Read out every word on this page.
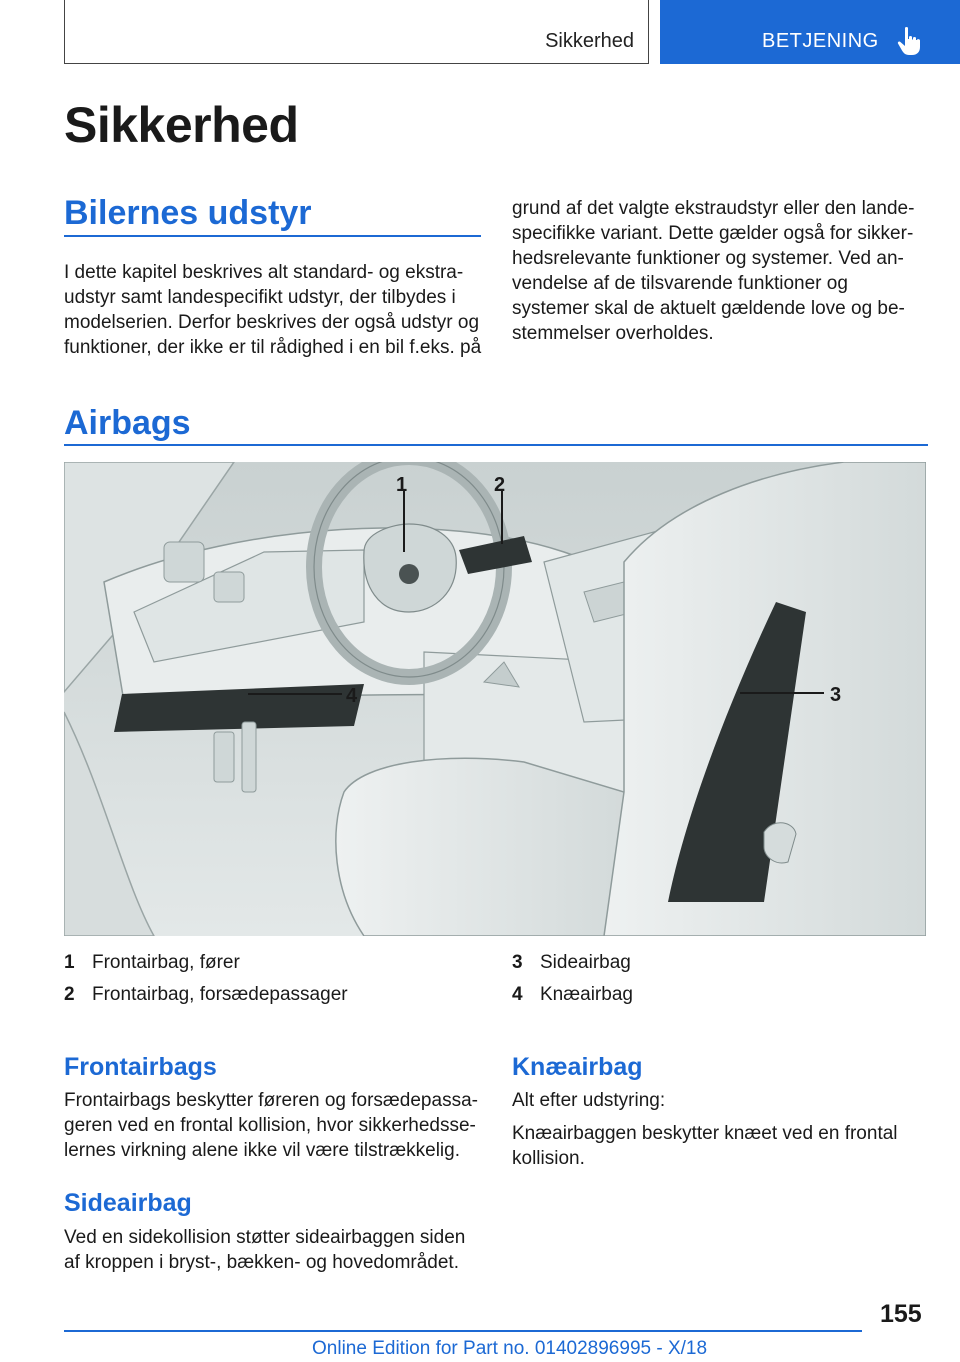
Sikkerhed	BETJENING
Sikkerhed
Bilernes udstyr
I dette kapitel beskrives alt standard- og ekstra-
udstyr samt landespecifikt udstyr, der tilbydes i
modelserien. Derfor beskrives der også udstyr og
funktioner, der ikke er til rådighed i en bil f.eks. på
grund af det valgte ekstraudstyr eller den lande-
specifikke variant. Dette gælder også for sikker-
hedsrelevante funktioner og systemer. Ved an-
vendelse af de tilsvarende funktioner og
systemer skal de aktuelt gældende love og be-
stemmelser overholdes.
Airbags
1	2
3
4
1 Frontairbag, fører
2 Frontairbag, forsædepassager
3 Sideairbag
4 Knæairbag
Frontairbags
Frontairbags beskytter føreren og forsædepassa-
geren ved en frontal kollision, hvor sikkerhedsse-
lernes virkning alene ikke vil være tilstrækkelig.
Sideairbag
Ved en sidekollision støtter sideairbaggen siden
af kroppen i bryst-, bækken- og hovedområdet.
Knæairbag
Alt efter udstyring:
Knæairbaggen beskytter knæet ved en frontal
kollision.
155
Online Edition for Part no. 01402896995 - X/18
